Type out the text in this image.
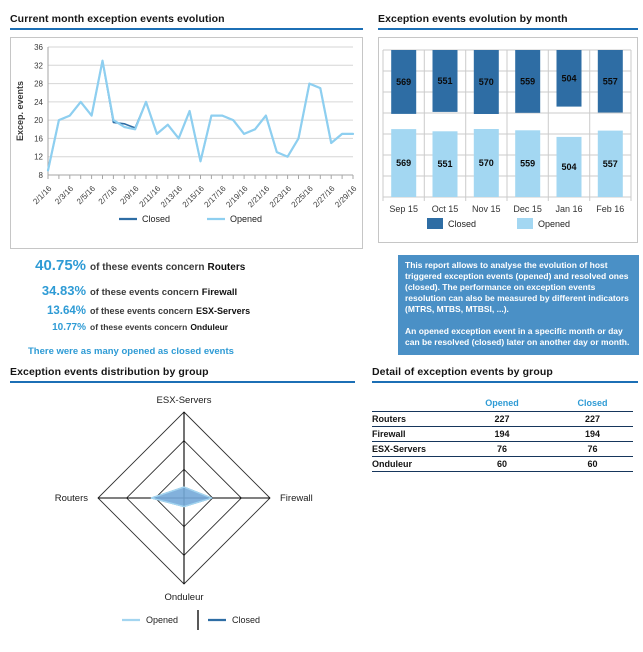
Current month exception events evolution
8
12
16
20
24
28
32
36
Excep. events
2/1/16 2/3/16 2/5/16 2/7/16 2/9/16
2/11/16
2/13/16
2/15/16
2/17/16
2/19/16
2/21/16
2/23/16
2/25/16
2/27/16
2/29/16
Closed	Opened
Exception events evolution by month
569
569
Sep 15
551
551
Oct 15
570
570
Nov 15
559
559
Dec 15
504
504
Jan 16
557
557
Feb 16
Closed	Opened
40.75% of these events concern Routers
34.83% of these events concern Firewall
13.64% of these events concern ESX-Servers
10.77% of these events concern Onduleur
There were as many opened as closed events

This report allows to analyse the evolution of host triggered exception events (opened) and resolved ones (closed). The performance on exception events resolution can also be measured by different indicators (MTRS, MTBS, MTBSI, ...).

An opened exception event in a specific month or day can be resolved (closed) later on another day or month.

Exception events distribution by group
ESX-Servers
Firewall
Onduleur
Routers
Opened	Closed
Detail of exception events by group
	Opened	Closed
Routers	227	227
Firewall	194	194
ESX-Servers	76	76
Onduleur	60	60
